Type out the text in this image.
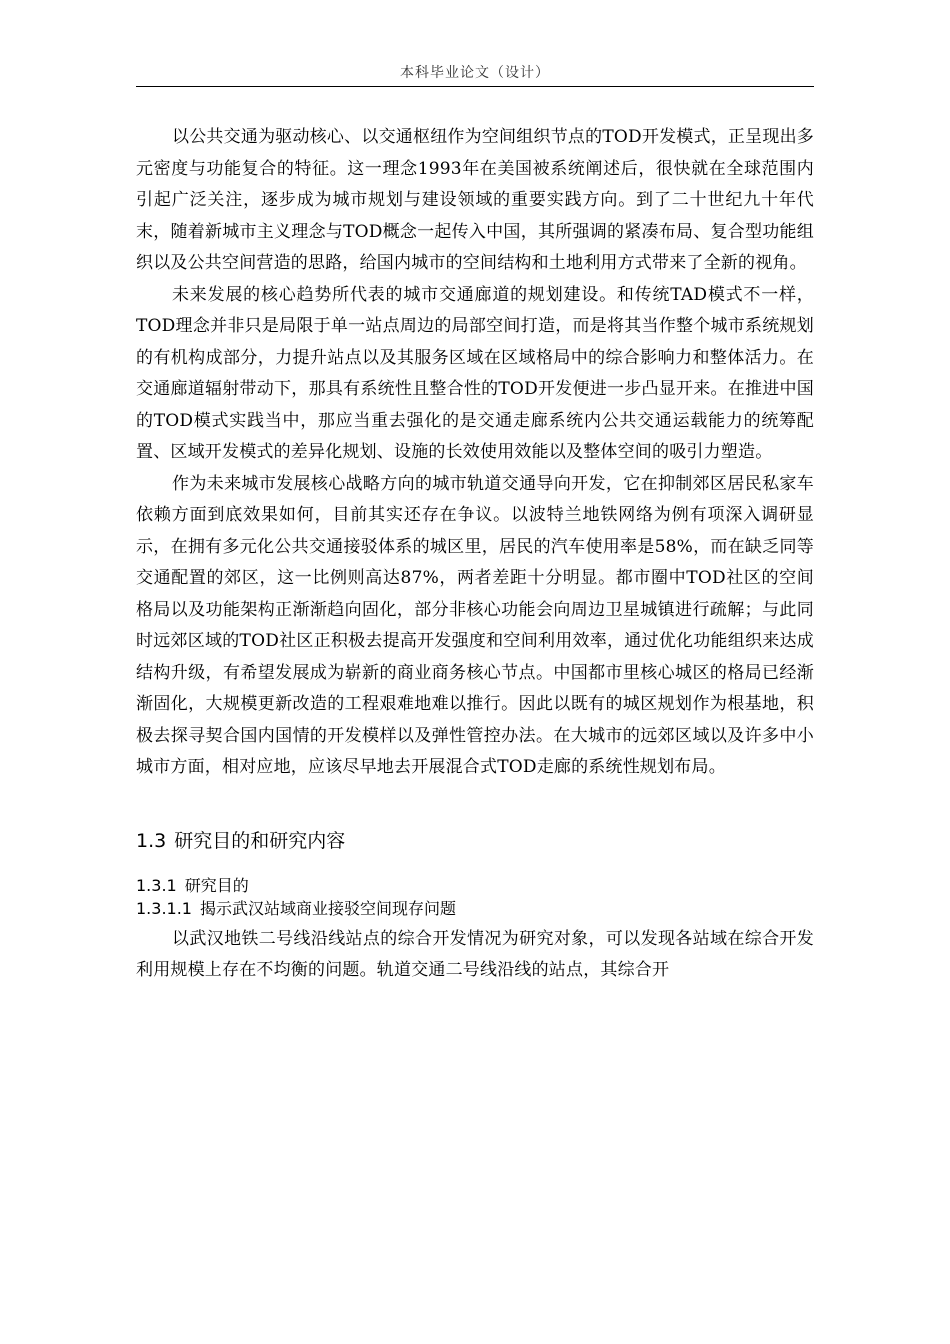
本科毕业论文（设计）

以公共交通为驱动核心、以交通枢纽作为空间组织节点的TOD开发模式，正呈现出多元密度与功能复合的特征。这一理念1993年在美国被系统阐述后，很快就在全球范围内引起广泛关注，逐步成为城市规划与建设领域的重要实践方向。到了二十世纪九十年代末，随着新城市主义理念与TOD概念一起传入中国，其所强调的紧凑布局、复合型功能组织以及公共空间营造的思路，给国内城市的空间结构和土地利用方式带来了全新的视角。

未来发展的核心趋势所代表的城市交通廊道的规划建设。和传统TAD模式不一样，TOD理念并非只是局限于单一站点周边的局部空间打造，而是将其当作整个城市系统规划的有机构成部分，力提升站点以及其服务区域在区域格局中的综合影响力和整体活力。在交通廊道辐射带动下，那具有系统性且整合性的TOD开发便进一步凸显开来。在推进中国的TOD模式实践当中，那应当重去强化的是交通走廊系统内公共交通运载能力的统筹配置、区域开发模式的差异化规划、设施的长效使用效能以及整体空间的吸引力塑造。

作为未来城市发展核心战略方向的城市轨道交通导向开发，它在抑制郊区居民私家车依赖方面到底效果如何，目前其实还存在争议。以波特兰地铁网络为例有项深入调研显示，在拥有多元化公共交通接驳体系的城区里，居民的汽车使用率是58%，而在缺乏同等交通配置的郊区，这一比例则高达87%，两者差距十分明显。都市圈中TOD社区的空间格局以及功能架构正渐渐趋向固化，部分非核心功能会向周边卫星城镇进行疏解；与此同时远郊区域的TOD社区正积极去提高开发强度和空间利用效率，通过优化功能组织来达成结构升级，有希望发展成为崭新的商业商务核心节点。中国都市里核心城区的格局已经渐渐固化，大规模更新改造的工程艰难地难以推行。因此以既有的城区规划作为根基地，积极去探寻契合国内国情的开发模样以及弹性管控办法。在大城市的远郊区域以及许多中小城市方面，相对应地，应该尽早地去开展混合式TOD走廊的系统性规划布局。

1.3 研究目的和研究内容
1.3.1 研究目的
1.3.1.1 揭示武汉站域商业接驳空间现存问题

以武汉地铁二号线沿线站点的综合开发情况为研究对象，可以发现各站域在综合开发利用规模上存在不均衡的问题。轨道交通二号线沿线的站点，其综合开
